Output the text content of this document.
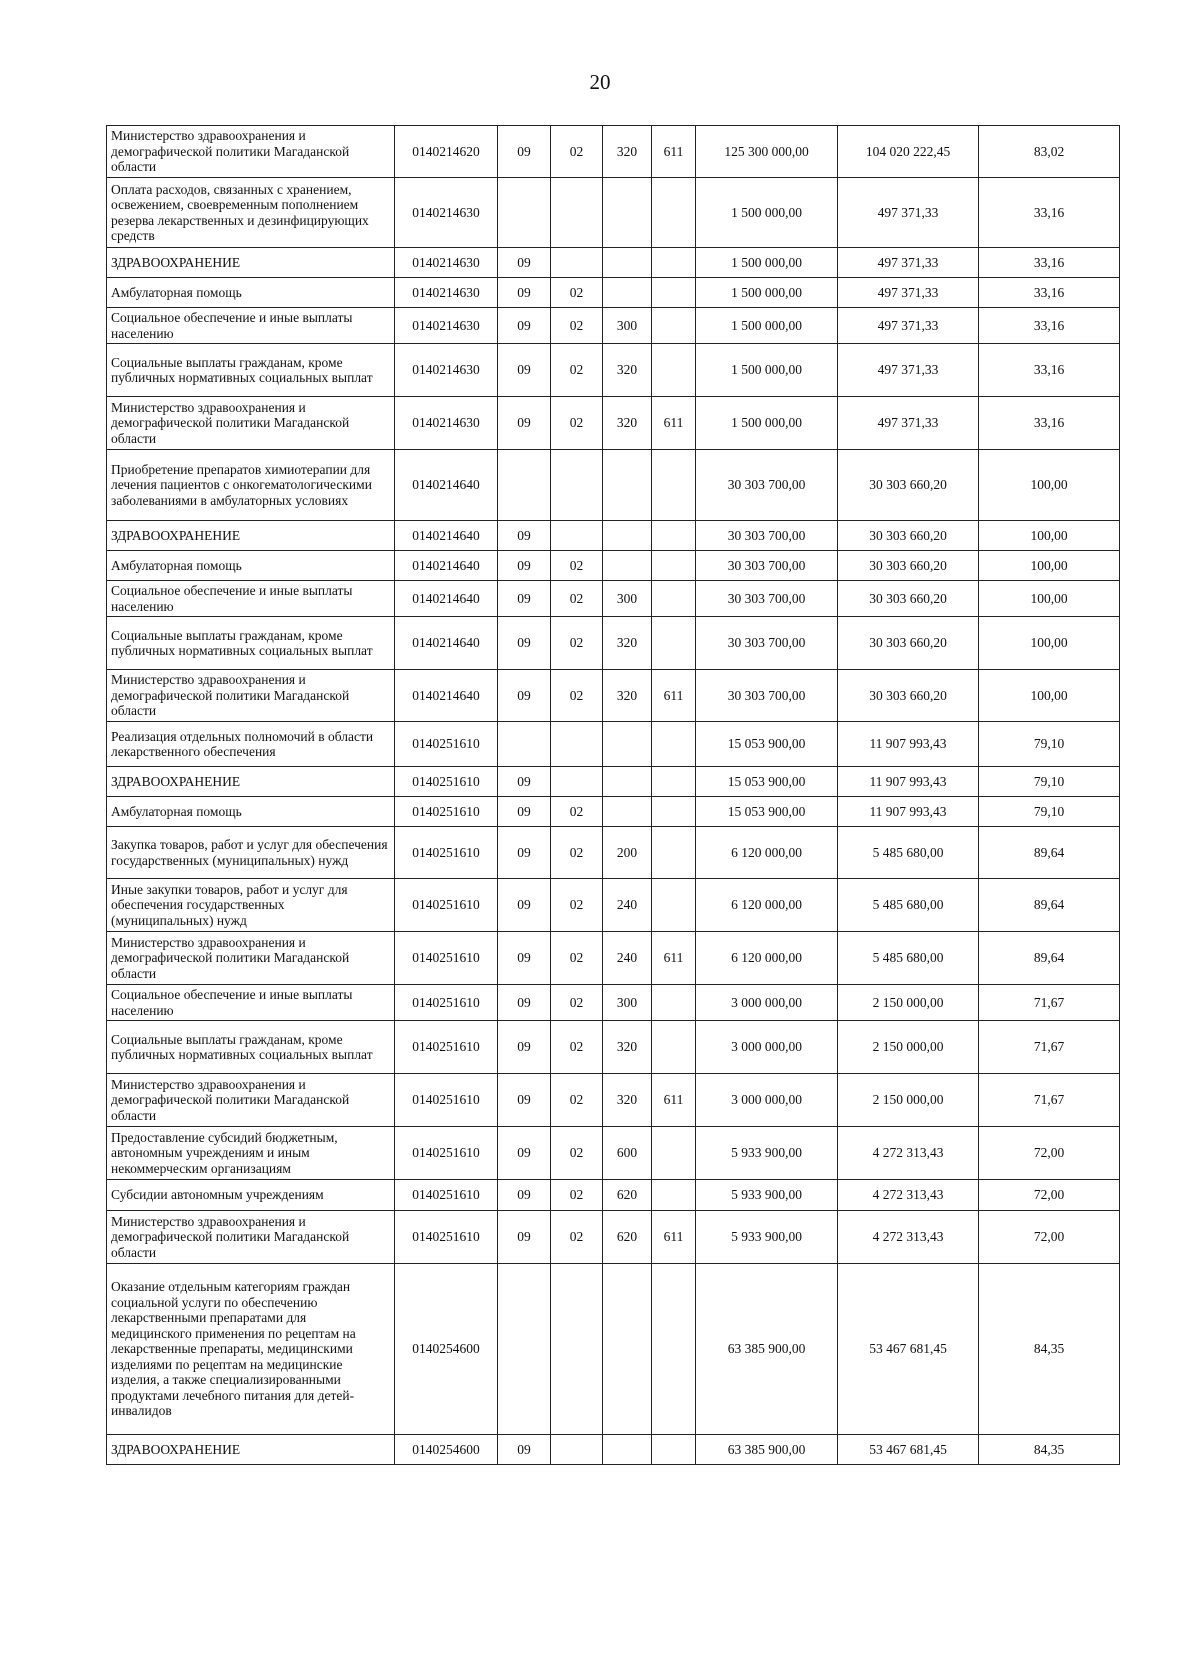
20
Министерство здравоохранения и демографической политики Магаданской области	0140214620	09	02	320	611	125 300 000,00	104 020 222,45	83,02
Оплата расходов, связанных с хранением, освежением, своевременным пополнением резерва лекарственных и дезинфицирующих средств	0140214630					1 500 000,00	497 371,33	33,16
ЗДРАВООХРАНЕНИЕ	0140214630	09				1 500 000,00	497 371,33	33,16
Амбулаторная помощь	0140214630	09	02			1 500 000,00	497 371,33	33,16
Социальное обеспечение и иные выплаты населению	0140214630	09	02	300		1 500 000,00	497 371,33	33,16
Социальные выплаты гражданам, кроме публичных нормативных социальных выплат	0140214630	09	02	320		1 500 000,00	497 371,33	33,16
Министерство здравоохранения и демографической политики Магаданской области	0140214630	09	02	320	611	1 500 000,00	497 371,33	33,16
Приобретение препаратов химиотерапии для лечения пациентов с онкогематологическими заболеваниями в амбулаторных условиях	0140214640					30 303 700,00	30 303 660,20	100,00
ЗДРАВООХРАНЕНИЕ	0140214640	09				30 303 700,00	30 303 660,20	100,00
Амбулаторная помощь	0140214640	09	02			30 303 700,00	30 303 660,20	100,00
Социальное обеспечение и иные выплаты населению	0140214640	09	02	300		30 303 700,00	30 303 660,20	100,00
Социальные выплаты гражданам, кроме публичных нормативных социальных выплат	0140214640	09	02	320		30 303 700,00	30 303 660,20	100,00
Министерство здравоохранения и демографической политики Магаданской области	0140214640	09	02	320	611	30 303 700,00	30 303 660,20	100,00
Реализация отдельных полномочий в области лекарственного обеспечения	0140251610					15 053 900,00	11 907 993,43	79,10
ЗДРАВООХРАНЕНИЕ	0140251610	09				15 053 900,00	11 907 993,43	79,10
Амбулаторная помощь	0140251610	09	02			15 053 900,00	11 907 993,43	79,10
Закупка товаров, работ и услуг для обеспечения государственных (муниципальных) нужд	0140251610	09	02	200		6 120 000,00	5 485 680,00	89,64
Иные закупки товаров, работ и услуг для обеспечения государственных (муниципальных) нужд	0140251610	09	02	240		6 120 000,00	5 485 680,00	89,64
Министерство здравоохранения и демографической политики Магаданской области	0140251610	09	02	240	611	6 120 000,00	5 485 680,00	89,64
Социальное обеспечение и иные выплаты населению	0140251610	09	02	300		3 000 000,00	2 150 000,00	71,67
Социальные выплаты гражданам, кроме публичных нормативных социальных выплат	0140251610	09	02	320		3 000 000,00	2 150 000,00	71,67
Министерство здравоохранения и демографической политики Магаданской области	0140251610	09	02	320	611	3 000 000,00	2 150 000,00	71,67
Предоставление субсидий бюджетным, автономным учреждениям и иным некоммерческим организациям	0140251610	09	02	600		5 933 900,00	4 272 313,43	72,00
Субсидии автономным учреждениям	0140251610	09	02	620		5 933 900,00	4 272 313,43	72,00
Министерство здравоохранения и демографической политики Магаданской области	0140251610	09	02	620	611	5 933 900,00	4 272 313,43	72,00
Оказание отдельным категориям граждан социальной услуги по обеспечению лекарственными препаратами для медицинского применения по рецептам на лекарственные препараты, медицинскими изделиями по рецептам на медицинские изделия, а также специализированными продуктами лечебного питания для детей-инвалидов	0140254600					63 385 900,00	53 467 681,45	84,35
ЗДРАВООХРАНЕНИЕ	0140254600	09				63 385 900,00	53 467 681,45	84,35
